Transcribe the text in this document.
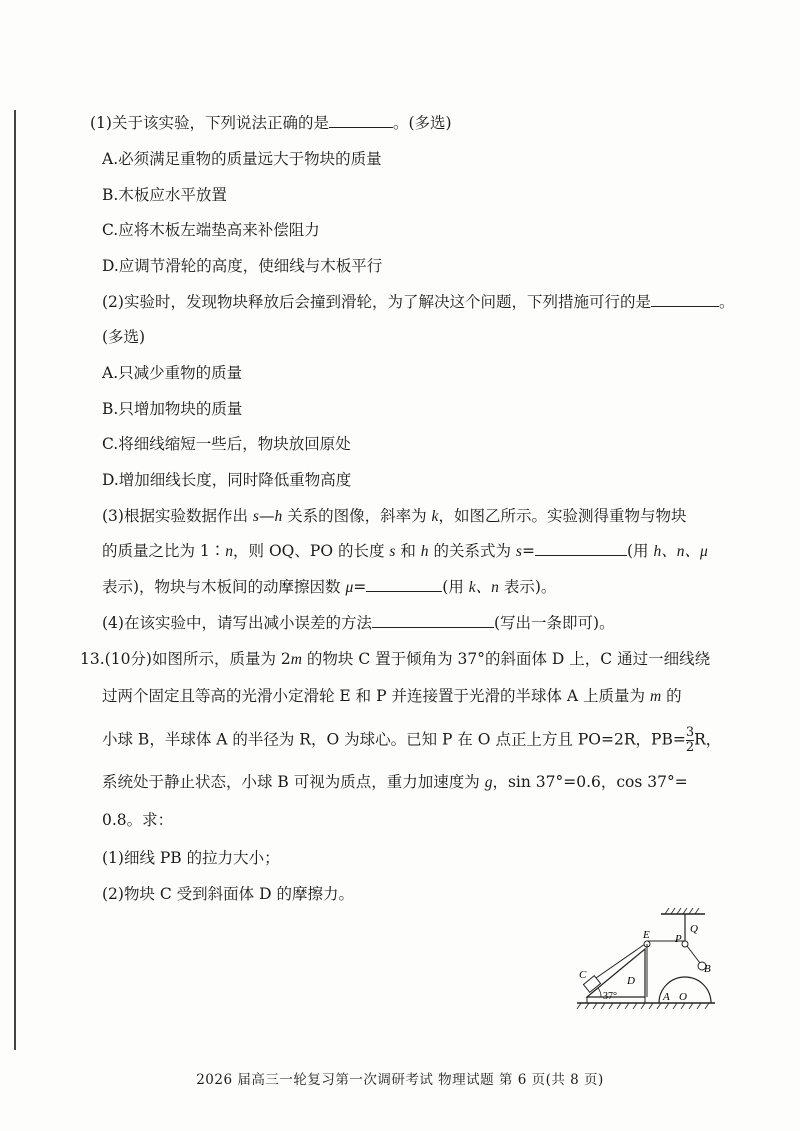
(1)关于该实验，下列说法正确的是	。(多选)
A.必须满足重物的质量远大于物块的质量
B.木板应水平放置
C.应将木板左端垫高来补偿阻力
D.应调节滑轮的高度，使细线与木板平行
(2)实验时，发现物块释放后会撞到滑轮，为了解决这个问题，下列措施可行的是	。
(多选)
A.只减少重物的质量
B.只增加物块的质量
C.将细线缩短一些后，物块放回原处
D.增加细线长度，同时降低重物高度
(3)根据实验数据作出 s—h 关系的图像，斜率为 k，如图乙所示。实验测得重物与物块
的质量之比为 1∶n，则 OQ、PO 的长度 s 和 h 的关系式为 s=	(用 h、n、μ
表示)，物块与木板间的动摩擦因数 μ=	(用 k、n 表示)。
(4)在该实验中，请写出减小误差的方法	(写出一条即可)。
13.(10分)如图所示，质量为 2m 的物块 C 置于倾角为 37°的斜面体 D 上，C 通过一细线绕
过两个固定且等高的光滑小定滑轮 E 和 P 并连接置于光滑的半球体 A 上质量为 m 的
小球 B，半球体 A 的半径为 R，O 为球心。已知 P 在 O 点正上方且 PO=2R，$PB= \frac{3}{2}$ R，
系统处于静止状态，小球 B 可视为质点，重力加速度为 g，sin 37°=0.6，cos 37°=
0.8。求：
(1)细线 PB 的拉力大小；
(2)物块 C 受到斜面体 D 的摩擦力。
Q
E P
B
C	D
A O
37°
2026 届高三一轮复习第一次调研考试 物理试题 第 6 页(共 8 页)
